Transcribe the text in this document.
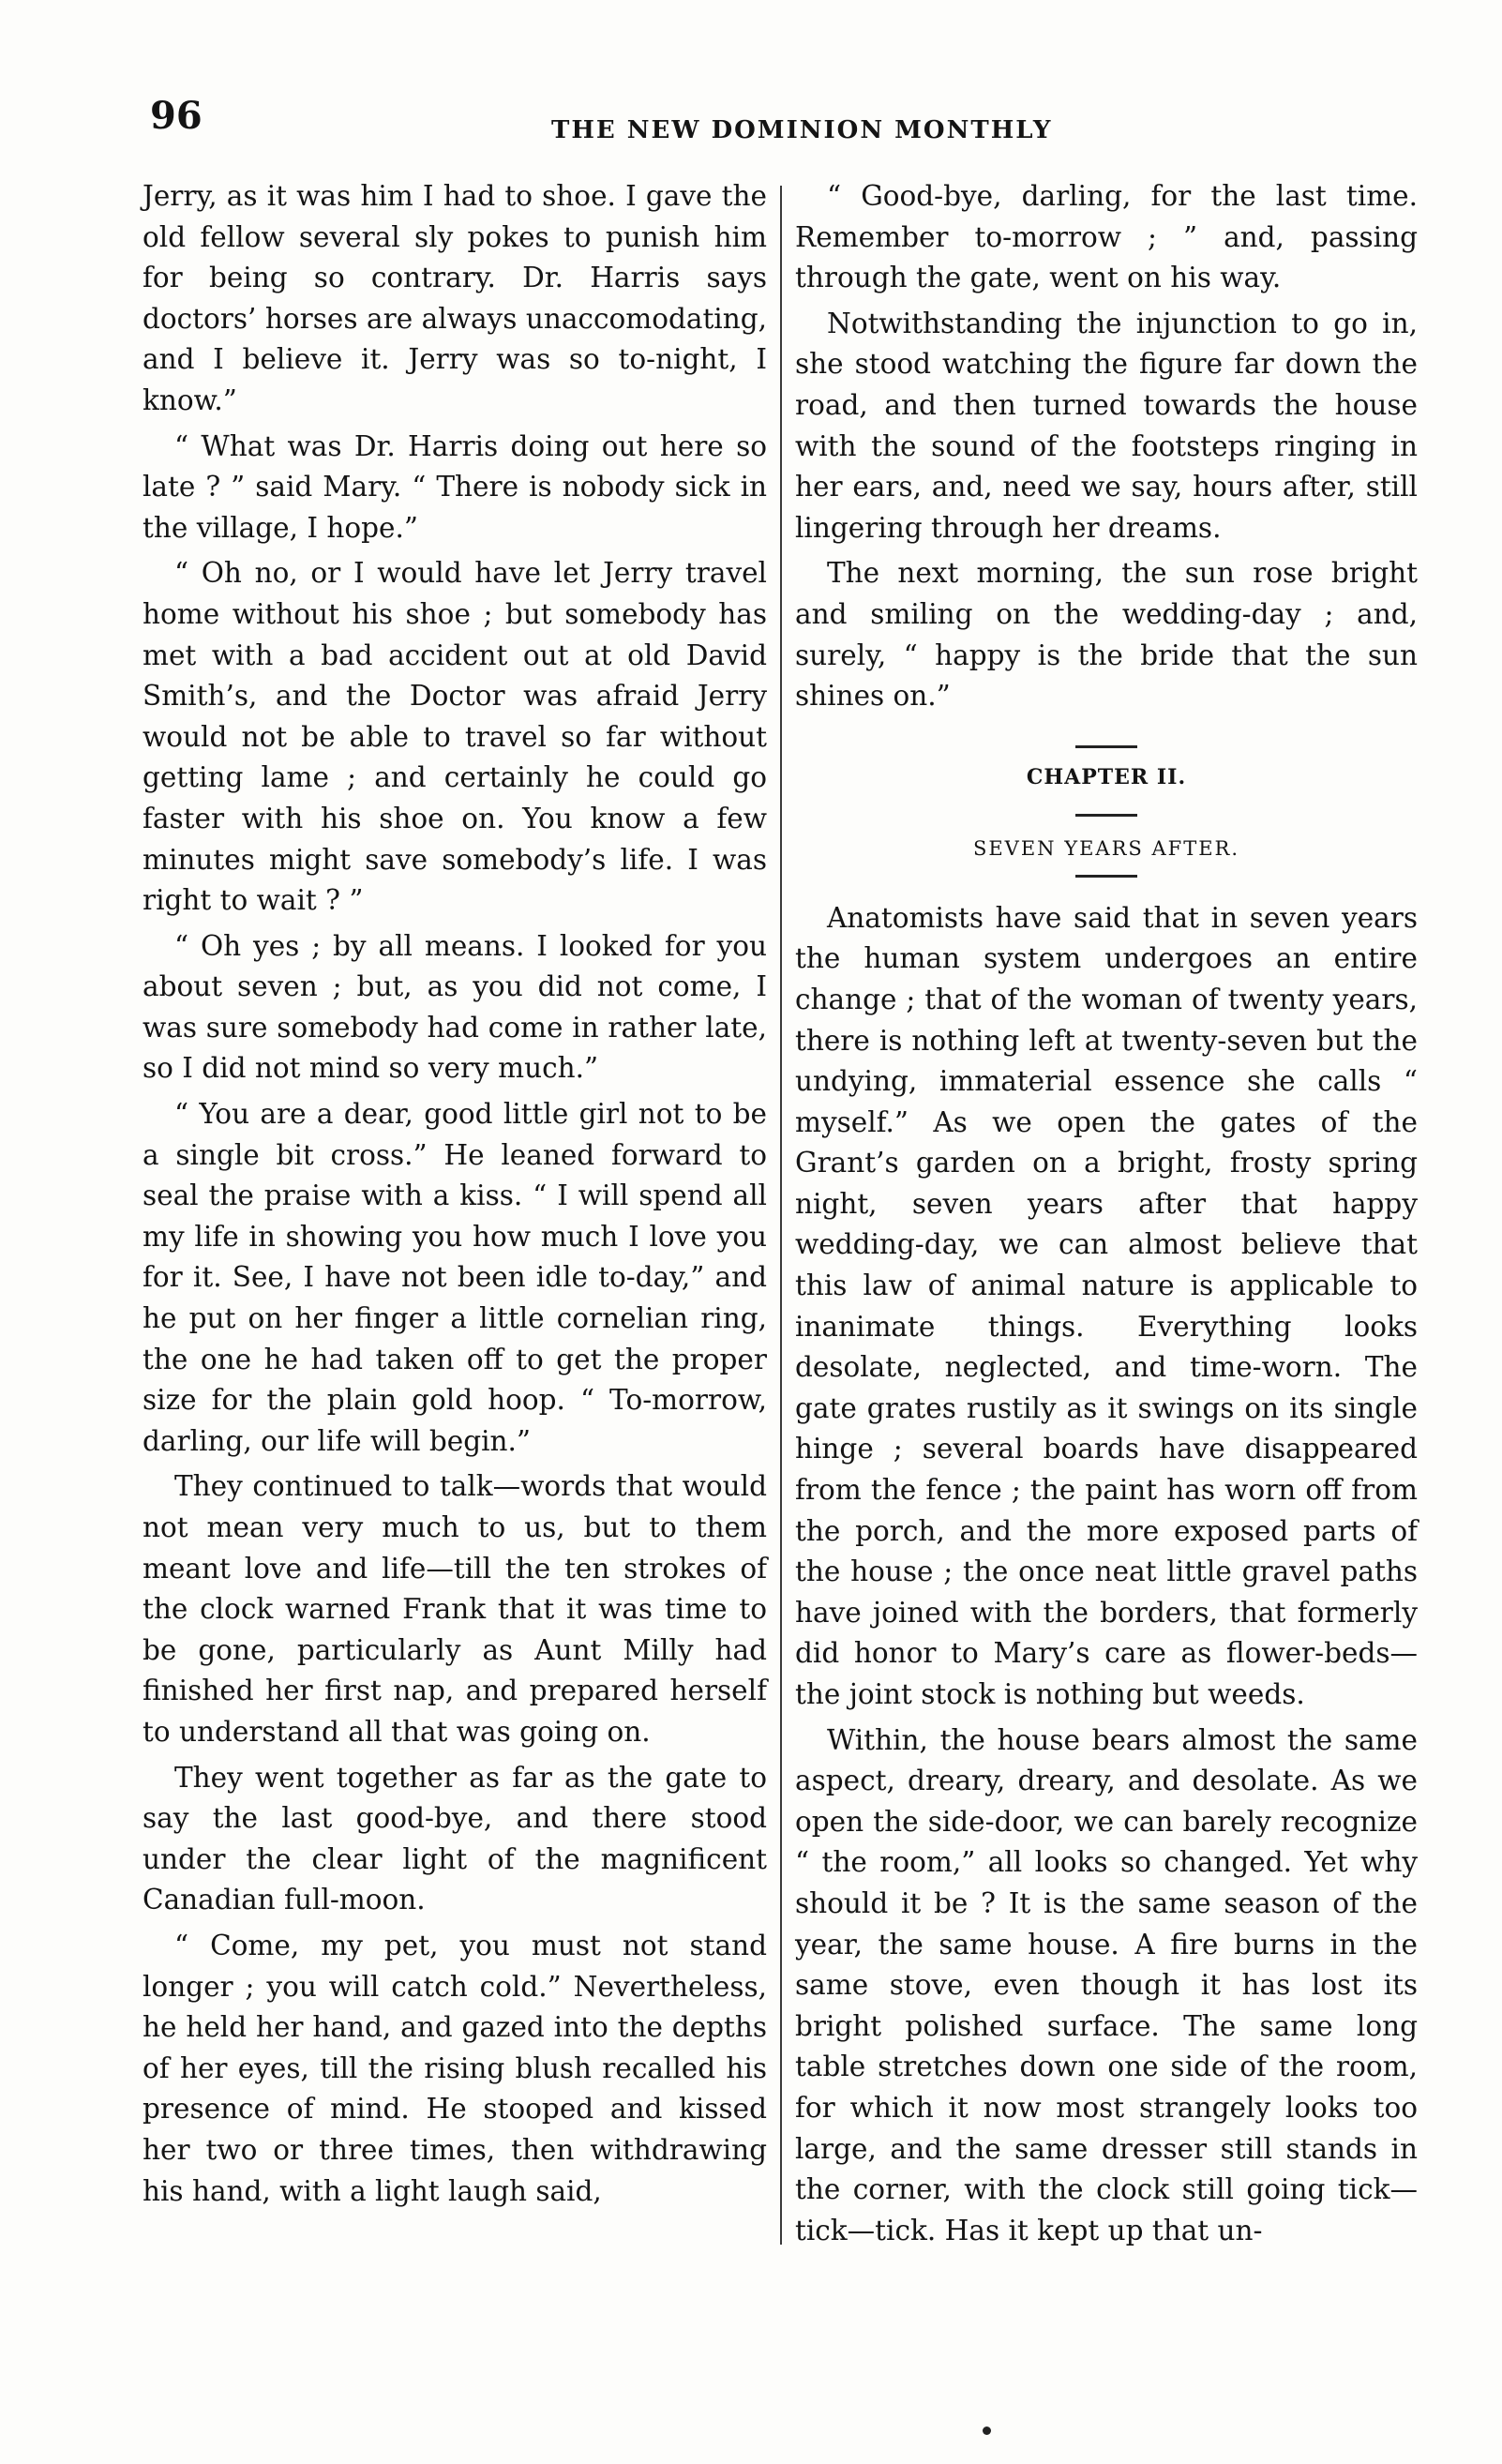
96	THE NEW DOMINION MONTHLY

Jerry, as it was him I had to shoe. I gave the old fellow several sly pokes to punish him for being so contrary. Dr. Harris says doctors’ horses are always unaccomodating, and I believe it. Jerry was so to-night, I know.”

“ What was Dr. Harris doing out here so late ? ” said Mary. “ There is nobody sick in the village, I hope.”

“ Oh no, or I would have let Jerry travel home without his shoe ; but somebody has met with a bad accident out at old David Smith’s, and the Doctor was afraid Jerry would not be able to travel so far without getting lame ; and certainly he could go faster with his shoe on. You know a few minutes might save somebody’s life. I was right to wait ? ”

“ Oh yes ; by all means. I looked for you about seven ; but, as you did not come, I was sure somebody had come in rather late, so I did not mind so very much.”

“ You are a dear, good little girl not to be a single bit cross.” He leaned forward to seal the praise with a kiss. “ I will spend all my life in showing you how much I love you for it. See, I have not been idle to-day,” and he put on her finger a little cornelian ring, the one he had taken off to get the proper size for the plain gold hoop. “ To-morrow, darling, our life will begin.”

They continued to talk—words that would not mean very much to us, but to them meant love and life—till the ten strokes of the clock warned Frank that it was time to be gone, particularly as Aunt Milly had finished her first nap, and prepared herself to understand all that was going on.

They went together as far as the gate to say the last good-bye, and there stood under the clear light of the magnificent Canadian full-moon.

“ Come, my pet, you must not stand longer ; you will catch cold.” Nevertheless, he held her hand, and gazed into the depths of her eyes, till the rising blush recalled his presence of mind. He stooped and kissed her two or three times, then withdrawing his hand, with a light laugh said,

“ Good-bye, darling, for the last time. Remember to-morrow ; ” and, passing through the gate, went on his way.

Notwithstanding the injunction to go in, she stood watching the figure far down the road, and then turned towards the house with the sound of the footsteps ringing in her ears, and, need we say, hours after, still lingering through her dreams.

The next morning, the sun rose bright and smiling on the wedding-day ; and, surely, “ happy is the bride that the sun shines on.”

CHAPTER II.
SEVEN YEARS AFTER.

Anatomists have said that in seven years the human system undergoes an entire change ; that of the woman of twenty years, there is nothing left at twenty-seven but the undying, immaterial essence she calls “ myself.” As we open the gates of the Grant’s garden on a bright, frosty spring night, seven years after that happy wedding-day, we can almost believe that this law of animal nature is applicable to inanimate things. Everything looks desolate, neglected, and time-worn. The gate grates rustily as it swings on its single hinge ; several boards have disappeared from the fence ; the paint has worn off from the porch, and the more exposed parts of the house ; the once neat little gravel paths have joined with the borders, that formerly did honor to Mary’s care as flower-beds—the joint stock is nothing but weeds.

Within, the house bears almost the same aspect, dreary, dreary, and desolate. As we open the side-door, we can barely recognize “ the room,” all looks so changed. Yet why should it be ? It is the same season of the year, the same house. A fire burns in the same stove, even though it has lost its bright polished surface. The same long table stretches down one side of the room, for which it now most strangely looks too large, and the same dresser still stands in the corner, with the clock still going tick—tick—tick. Has it kept up that un-
